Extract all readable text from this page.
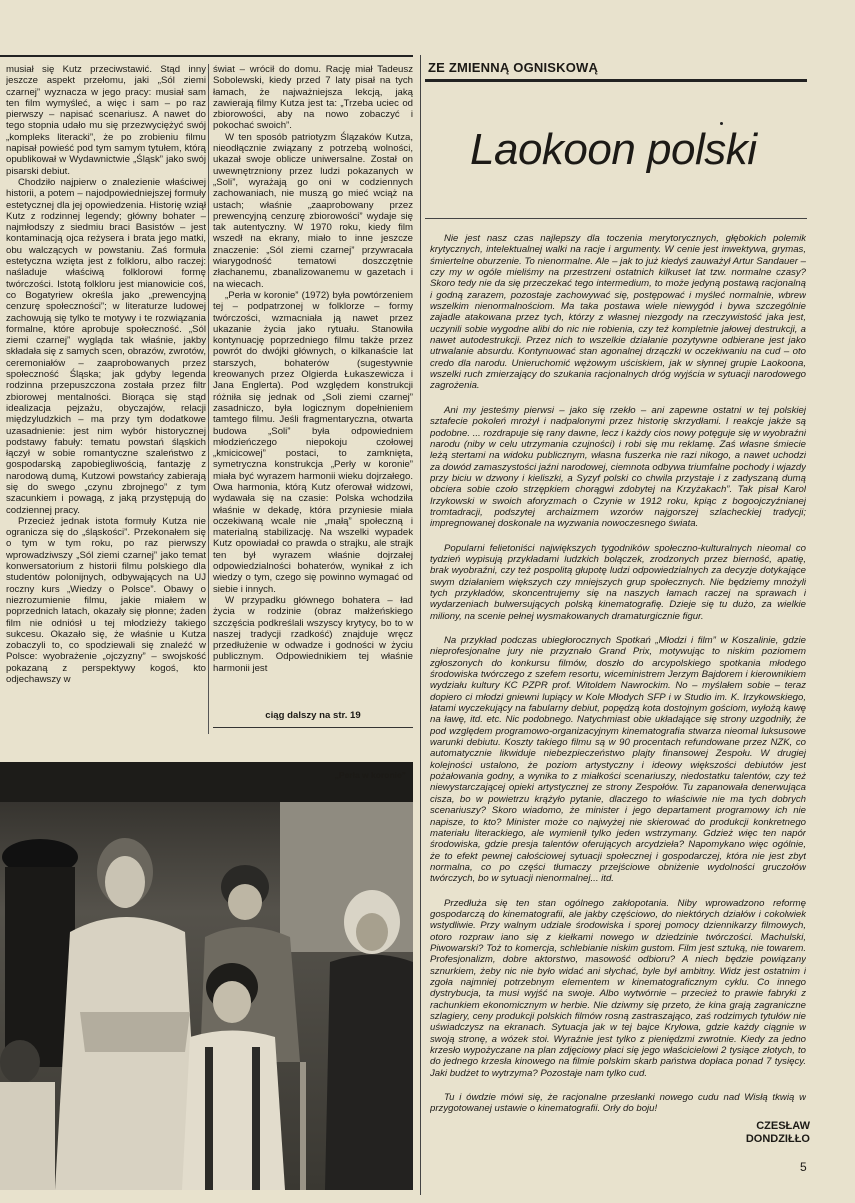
musiał się Kutz przeciwstawić. Stąd inny jeszcze aspekt przełomu, jaki „Sól ziemi czarnej” wyznacza w jego pracy: musiał sam ten film wymyśleć, a więc i sam – po raz pierwszy – napisać scenariusz. A nawet do tego stopnia udało mu się przezwyciężyć swój „kompleks literacki”, że po zrobieniu filmu napisał powieść pod tym samym tytułem, którą opublikował w Wydawnictwie „Śląsk” jako swój pisarski debiut.

Chodziło najpierw o znalezienie właściwej historii, a potem – najodpowiedniejszej formuły estetycznej dla jej opowiedzenia. Historię wziął Kutz z rodzinnej legendy; główny bohater – najmłodszy z siedmiu braci Basistów – jest kontaminacją ojca reżysera i brata jego matki, obu walczących w powstaniu. Zaś formuła estetyczna wzięta jest z folkloru, albo raczej: naśladuje właściwą folklorowi formę twórczości. Istotą folkloru jest mianowicie coś, co Bogatyriew określa jako „prewencyjną cenzurę społeczności”; w literaturze ludowej zachowują się tylko te motywy i te rozwiązania formalne, które aprobuje społeczność. „Sól ziemi czarnej” wygląda tak właśnie, jakby składała się z samych scen, obrazów, zwrotów, ceremoniałów – zaaprobowanych przez społeczność Śląska; jak gdyby legenda rodzinna przepuszczona została przez filtr zbiorowej mentalności. Biorąca się stąd idealizacja pejzażu, obyczajów, relacji międzyludzkich – ma przy tym dodatkowe uzasadnienie: jest nim wybór historycznej podstawy fabuły: tematu powstań śląskich łączył w sobie romantyczne szaleństwo z gospodarską zapobiegliwością, fantazję z narodową dumą, Kutzowi powstańcy zabierają się do swego „czynu zbrojnego” z tym szacunkiem i powagą, z jaką przystępują do codziennej pracy.

Przecież jednak istota formuły Kutza nie ogranicza się do „śląskości”. Przekonałem się o tym w tym roku, po raz pierwszy wprowadziwszy „Sól ziemi czarnej” jako temat konwersatorium z historii filmu polskiego dla studentów polonijnych, odbywających na UJ roczny kurs „Wiedzy o Polsce”. Obawy o niezrozumienie filmu, jakie miałem w poprzednich latach, okazały się płonne; żaden film nie odniósł u tej młodzieży takiego sukcesu. Okazało się, że właśnie u Kutza zobaczyli to, co spodziewali się znaleźć w Polsce: wyobrażenie „ojczyzny” – swojskość pokazaną z perspektywy kogoś, kto odjechawszy w

świat – wrócił do domu. Rację miał Tadeusz Sobolewski, kiedy przed 7 laty pisał na tych łamach, że najważniejsza lekcją, jaką zawierają filmy Kutza jest ta: „Trzeba uciec od zbiorowości, aby na nowo zobaczyć i pokochać swoich”.

W ten sposób patriotyzm Ślązaków Kutza, nieodłącznie związany z potrzebą wolności, ukazał swoje oblicze uniwersalne. Został on uwewnętrzniony przez ludzi pokazanych w „Soli”, wyrażają go oni w codziennych zachowaniach, nie muszą go mieć wciąż na ustach; właśnie „zaaprobowany przez prewencyjną cenzurę zbiorowości” wydaje się tak autentyczny. W 1970 roku, kiedy film wszedł na ekrany, miało to inne jeszcze znaczenie: „Sól ziemi czarnej” przywracała wiarygodność tematowi doszczętnie złachanemu, zbanalizowanemu w gazetach i na wiecach.

„Perła w koronie” (1972) była powtórzeniem tej – podpatrzonej w folklorze – formy twórczości, wzmacniała ją nawet przez ukazanie życia jako rytuału. Stanowiła kontynuację poprzedniego filmu także przez powrót do dwójki głównych, o kilkanaście lat starszych, bohaterów (sugestywnie kreowanych przez Olgierda Łukaszewicza i Jana Englerta). Pod względem konstrukcji różniła się jednak od „Soli ziemi czarnej” zasadniczo, była logicznym dopełnieniem tamtego filmu. Jeśli fragmentaryczna, otwarta budowa „Soli” była odpowiedniem młodzieńczego niepokoju czołowej „kmicicowej” postaci, to zamknięta, symetryczna konstrukcja „Perły w koronie” miała być wyrazem harmonii wieku dojrzałego. Owa harmonia, którą Kutz oferował widzowi, wydawała się na czasie: Polska wchodziła właśnie w dekadę, która przyniesie miała oczekiwaną wcale nie „małą” społeczną i materialną stabilizację. Na wszelki wypadek Kutz opowiadał co prawda o strajku, ale strajk ten był wyrazem właśnie dojrzałej odpowiedzialności bohaterów, wynikał z ich wiedzy o tym, czego się powinno wymagać od siebie i innych.

W przypadku głównego bohatera – ład życia w rodzinie (obraz małżeńskiego szczęścia podkreślali wszyscy krytycy, bo to w naszej tradycji rzadkość) znajduje wręcz przedłużenie w odwadze i godności w życiu publicznym. Odpowiednikiem tej właśnie harmonii jest

ciąg dalszy na str. 19
„Perła w koronie”
ZE ZMIENNĄ OGNISKOWĄ
Laokoon polski

Nie jest nasz czas najlepszy dla toczenia merytorycznych, głębokich polemik krytycznych, intelektualnej walki na racje i argumenty. W cenie jest inwektywa, grymas, śmiertelne oburzenie. To nienormalne. Ale – jak to już kiedyś zauważył Artur Sandauer – czy my w ogóle mieliśmy na przestrzeni ostatnich kilkuset lat tzw. normalne czasy? Skoro tedy nie da się przeczekać tego intermedium, to może jedyną postawą racjonalną i godną zarazem, pozostaje zachowywać się, postępować i myśleć normalnie, wbrew wszelkim nienormalnościom. Ma taka postawa wiele niewygód i bywa szczególnie zajadle atakowana przez tych, którzy z własnej niezgody na rzeczywistość jaka jest, uczynili sobie wygodne alibi do nic nie robienia, czy też kompletnie jałowej destrukcji, a nawet autodestrukcji. Przez nich to wszelkie działanie pozytywne odbierane jest jako utrwalanie absurdu. Kontynuować stan agonalnej drzączki w oczekiwaniu na cud – oto credo dla narodu. Unieruchomić wężowym uściskiem, jak w słynnej grupie Laokoona, wszelki ruch zmierzający do szukania racjonalnych dróg wyjścia w sytuacji narodowego zagrożenia.

Ani my jesteśmy pierwsi – jako się rzekło – ani zapewne ostatni w tej polskiej sztafecie pokoleń mrożył i nadpalonymi przez historię skrzydłami. I reakcje jakże są podobne. ... rozdrapuje się rany dawne, lecz i każdy cios nowy potęguje się w wyobraźni narodu (niby w celu utrzymania czujności) i robi się mu reklamę. Zaś własne śmiecie leżą stertami na widoku publicznym, własna fuszerka nie razi nikogo, a nawet uchodzi za dowód zamaszystości jaźni narodowej, ciemnota odbywa triumfalne pochody i wjazdy przy biciu w dzwony i kieliszki, a Syzyf polski co chwila przystaje i z zadyszaną dumą obciera sobie czoło strzępkiem chorągwi zdobytej na Krzyżakach”. Tak pisał Karol Irzykowski w swoich aforyzmach o Czynie w 1912 roku, kpiąc z bogoojczyźnianej tromtadracji, podszytej archaizmem wzorów najgorszej szlacheckiej tradycji; impregnowanej doskonale na wyzwania nowoczesnego świata.

Popularni felietoniści największych tygodników społeczno-kulturalnych nieomal co tydzień wypisują przykładami ludzkich bolączek, zrodzonych przez bierność, apatię, brak wyobraźni, czy też pospolitą głupotę ludzi odpowiedzialnych za decyzje dotykające swym działaniem większych czy mniejszych grup społecznych. Nie będziemy mnożyli tych przykładów, skoncentrujemy się na naszych łamach raczej na sprawach i wydarzeniach bulwersujących polską kinematografię. Dzieje się tu dużo, za wielkie miliony, na scenie pełnej wysmakowanych dramaturgicznie figur.

Na przykład podczas ubiegłorocznych Spotkań „Młodzi i film” w Koszalinie, gdzie nieprofesjonalne jury nie przyznało Grand Prix, motywując to niskim poziomem zgłoszonych do konkursu filmów, doszło do arcypolskiego spotkania młodego środowiska twórczego z szefem resortu, wiceministrem Jerzym Bajdorem i kierownikiem wydziału kultury KC PZPR prof. Witoldem Nawrockim. No – myślałem sobie – teraz dopiero ci młodzi gniewni lupiący w Kole Młodych SFP i w Studio im. K. Irzykowskiego, łatami wyczekujący na fabularny debiut, popędzą kota dostojnym gościom, wyłożą kawę na ławę, itd. etc. Nic podobnego. Natychmiast obie układające się strony uzgodniły, że pod względem programowo-organizacyjnym kinematografia stwarza nieomal luksusowe warunki debiutu. Koszty takiego filmu są w 90 procentach refundowane przez NZK, co automatycznie likwiduje niebezpieczeństwo plajty finansowej Zespołu. W drugiej kolejności ustalono, że poziom artystyczny i ideowy większości debiutów jest pożałowania godny, a wynika to z miałkości scenariuszy, niedostatku talentów, czy też niewystarczającej opieki artystycznej ze strony Zespołów. Tu zapanowała denerwująca cisza, bo w powietrzu krążyło pytanie, dlaczego to właściwie nie ma tych dobrych scenariuszy? Skoro wiadomo, że minister i jego departament programowy ich nie napisze, to kto? Minister może co najwyżej nie skierować do produkcji konkretnego materiału literackiego, ale wymienił tylko jeden wstrzymany. Gdzież więc ten napór środowiska, gdzie presja talentów oferujących arcydzieła? Napomykano więc ogólnie, że to efekt pewnej całościowej sytuacji społecznej i gospodarczej, która nie jest zbyt normalna, co po części tłumaczy przejściowe obniżenie wydolności gruczołów twórczych, bo w sytuacji nienormalnej... itd.

Przedłuża się ten stan ogólnego zakłopotania. Niby wprowadzono reformę gospodarczą do kinematografii, ale jakby częściowo, do niektórych działów i cokolwiek wstydliwie. Przy walnym udziale środowiska i sporej pomocy dziennikarzy filmowych, otoro rozpraw iano się z kiełkami nowego w dziedzinie twórczości. Machulski, Piwowarski? Toż to komercja, schlebianie niskim gustom. Film jest sztuką, nie towarem. Profesjonalizm, dobre aktorstwo, masowość odbioru? A niech będzie powiązany sznurkiem, żeby nic nie było widać ani słychać, byle był ambitny. Widz jest ostatnim i zgoła najmniej potrzebnym elementem w kinematograficznym cyklu. Co innego dystrybucja, ta musi wyjść na swoje. Albo wytwórnie – przecież to prawie fabryki z rachunkiem ekonomicznym w herbie. Nie dziwmy się przeto, że kina grają zagraniczne szlagiery, ceny produkcji polskich filmów rosną zastraszająco, zaś rodzimych tytułów nie uświadczysz na ekranach. Sytuacja jak w tej bajce Kryłowa, gdzie każdy ciągnie w swoją stronę, a wózek stoi. Wyraźnie jest tylko z pieniędzmi zwrotnie. Kiedy za jedno krzesło wypożyczane na plan zdjęciowy płaci się jego właścicielowi 2 tysiące złotych, to do jednego krzesła kinowego na filmie polskim skarb państwa dopłaca ponad 7 tysięcy. Jaki budżet to wytrzyma? Pozostaje nam tylko cud.

Tu i ówdzie mówi się, że racjonalne przesłanki nowego cudu nad Wisłą tkwią w przygotowanej ustawie o kinematografii. Orły do boju!

CZESŁAW
DONDZIŁŁO
5
